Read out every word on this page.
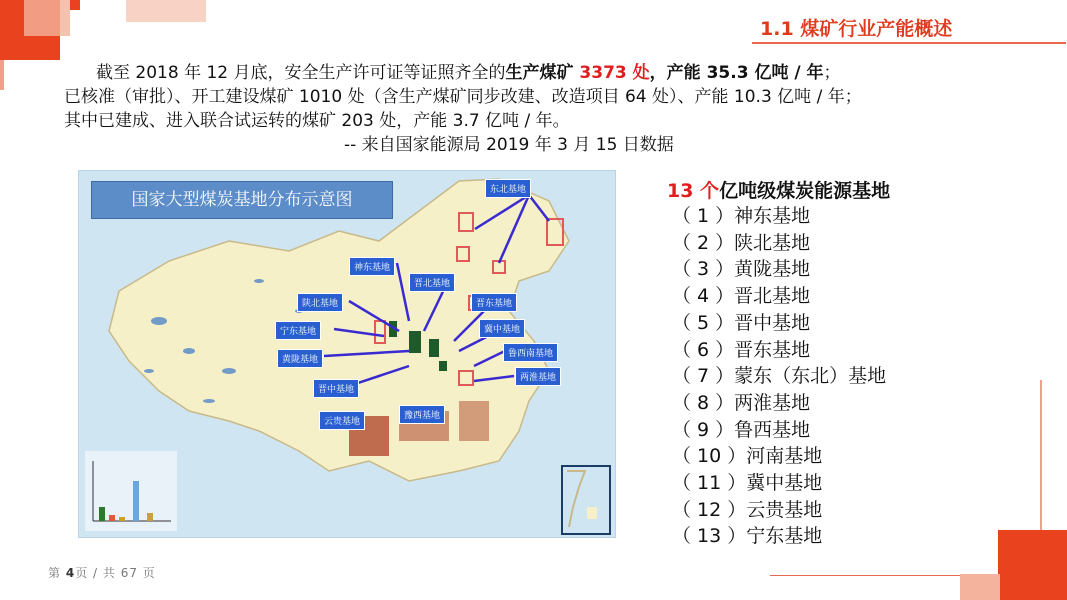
1.1 煤矿行业产能概述
截至 2018 年 12 月底，安全生产许可证等证照齐全的生产煤矿 3373 处，产能 35.3 亿吨 / 年；
已核准（审批）、开工建设煤矿 1010 处（含生产煤矿同步改建、改造项目 64 处）、产能 10.3 亿吨 / 年；
其中已建成、进入联合试运转的煤矿 203 处，产能 3.7 亿吨 / 年。
-- 来自国家能源局 2019 年 3 月 15 日数据
国家大型煤炭基地分布示意图	东北基地
神东基地
晋北基地
陕北基地	晋东基地
宁东基地	冀中基地
鲁西南基地
黄陇基地
两淮基地
晋中基地
云贵基地
豫西基地
13 个亿吨级煤炭能源基地
（ 1 ）神东基地
（ 2 ）陕北基地
（ 3 ）黄陇基地
（ 4 ）晋北基地
（ 5 ）晋中基地
（ 6 ）晋东基地
（ 7 ）蒙东（东北）基地
（ 8 ）两淮基地
（ 9 ）鲁西基地
（ 10 ）河南基地
（ 11 ）冀中基地
（ 12 ）云贵基地
（ 13 ）宁东基地
第 4页 / 共 67 页
